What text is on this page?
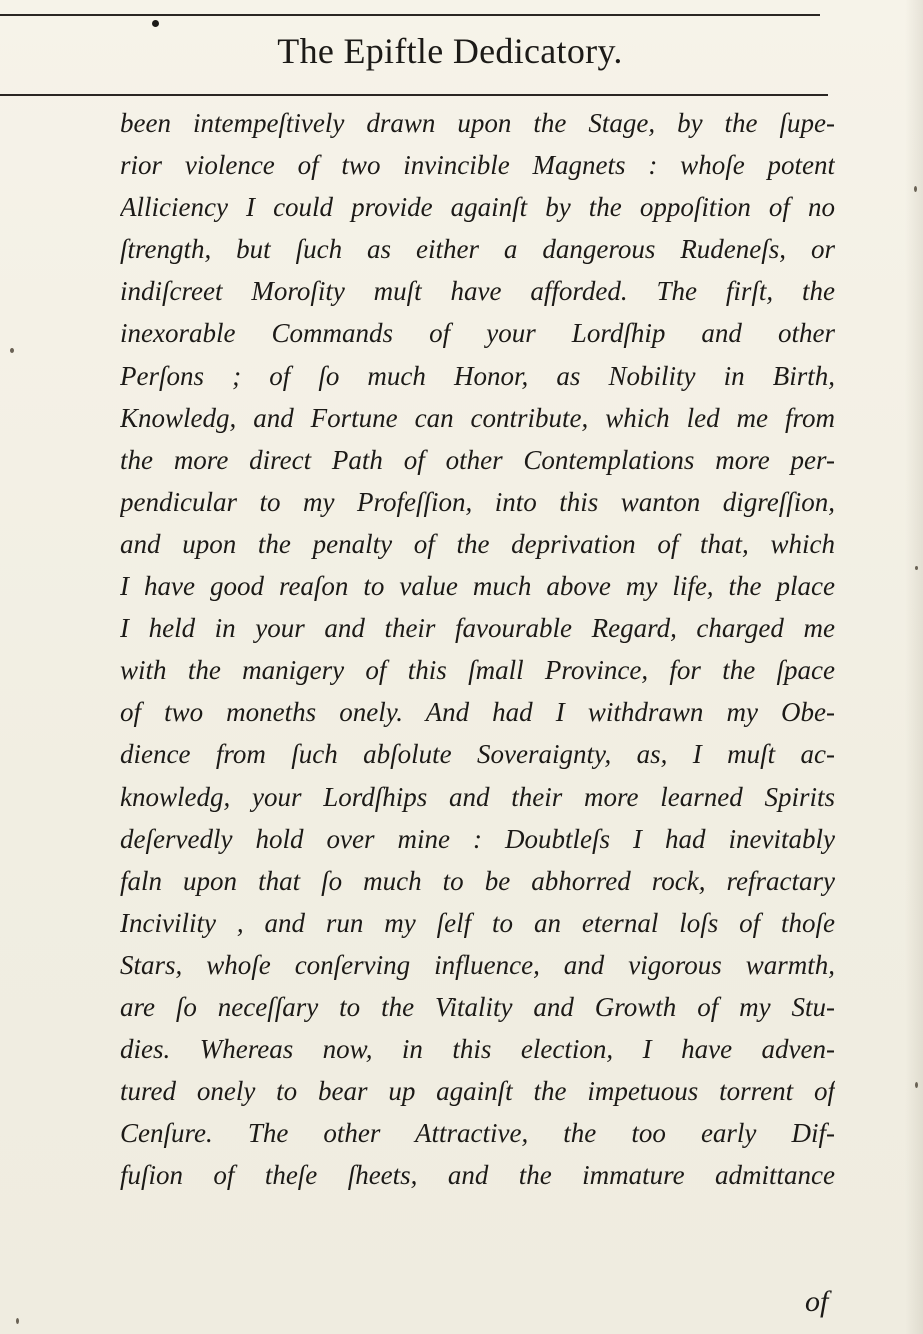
The Epiftle Dedicatory.
been intempeſtively drawn upon the Stage, by the ſupe-
rior violence of two invincible Magnets : whoſe potent
Alliciency I could provide againſt by the oppoſition of no
ſtrength, but ſuch as either a dangerous Rudeneſs, or
indiſcreet Moroſity muſt have afforded. The firſt, the
inexorable Commands of your Lordſhip and other
Perſons ; of ſo much Honor, as Nobility in Birth,
Knowledg, and Fortune can contribute, which led me from
the more direct Path of other Contemplations more per-
pendicular to my Profeſſion, into this wanton digreſſion,
and upon the penalty of the deprivation of that, which
I have good reaſon to value much above my life, the place
I held in your and their favourable Regard, charged me
with the manigery of this ſmall Province, for the ſpace
of two moneths onely. And had I withdrawn my Obe-
dience from ſuch abſolute Soveraignty, as, I muſt ac-
knowledg, your Lordſhips and their more learned Spirits
deſervedly hold over mine : Doubtleſs I had inevitably
faln upon that ſo much to be abhorred rock, refractary
Incivility , and run my ſelf to an eternal loſs of thoſe
Stars, whoſe conſerving influence, and vigorous warmth,
are ſo neceſſary to the Vitality and Growth of my Stu-
dies. Whereas now, in this election, I have adven-
tured onely to bear up againſt the impetuous torrent of
Cenſure. The other Attractive, the too early Dif-
fuſion of theſe ſheets, and the immature admittance
of
